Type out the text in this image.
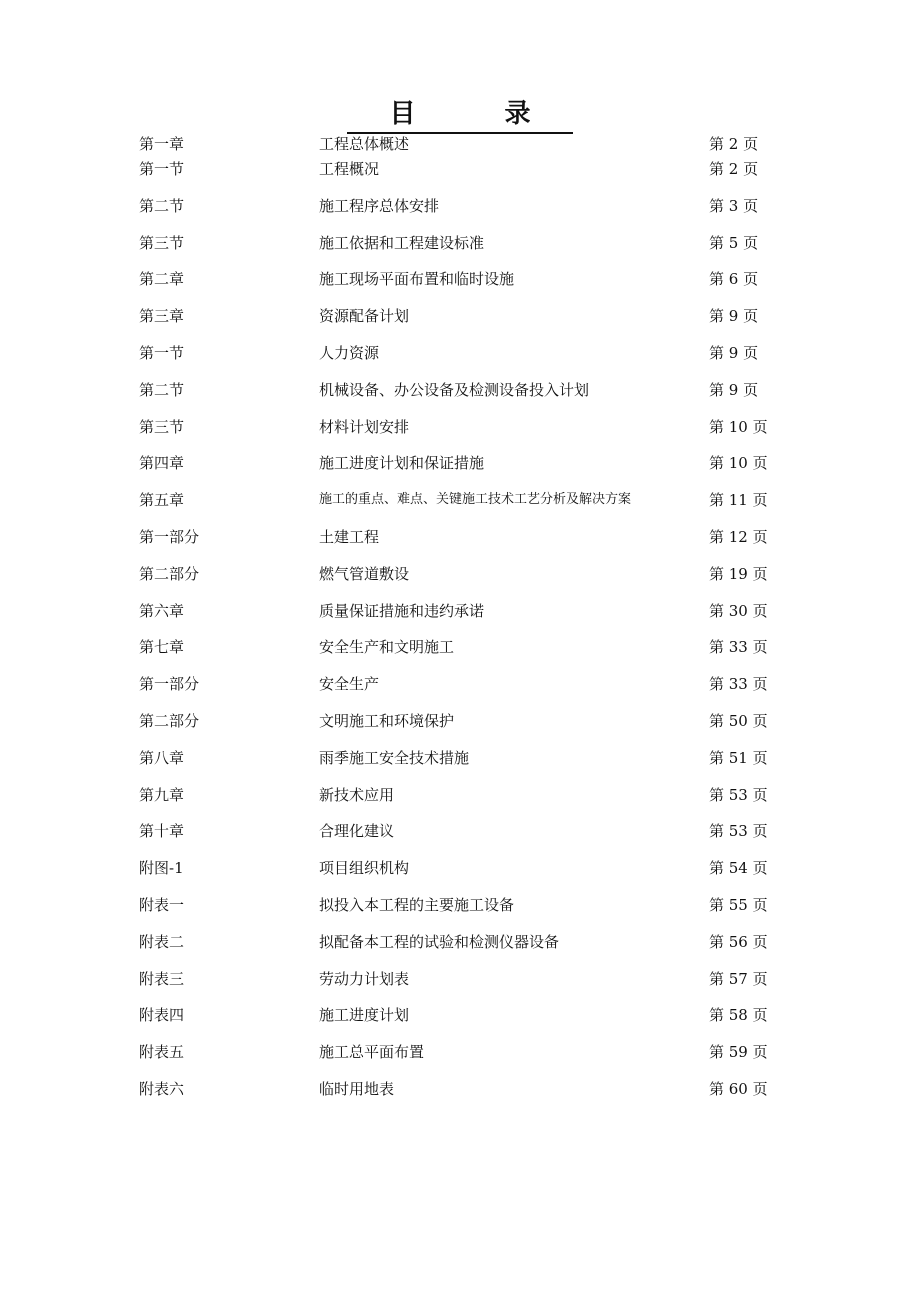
目 录
第一章	工程总体概述	第 2 页
第一节	工程概况	第 2 页
第二节	施工程序总体安排	第 3 页
第三节	施工依据和工程建设标准	第 5 页
第二章	施工现场平面布置和临时设施	第 6 页
第三章	资源配备计划	第 9 页
第一节	人力资源	第 9 页
第二节	机械设备、办公设备及检测设备投入计划	第 9 页
第三节	材料计划安排	第 10 页
第四章	施工进度计划和保证措施	第 10 页
第五章	施工的重点、难点、关键施工技术工艺分析及解决方案	第 11 页
第一部分	土建工程	第 12 页
第二部分	燃气管道敷设	第 19 页
第六章	质量保证措施和违约承诺	第 30 页
第七章	安全生产和文明施工	第 33 页
第一部分	安全生产	第 33 页
第二部分	文明施工和环境保护	第 50 页
第八章	雨季施工安全技术措施	第 51 页
第九章	新技术应用	第 53 页
第十章	合理化建议	第 53 页
附图-1	项目组织机构	第 54 页
附表一	拟投入本工程的主要施工设备	第 55 页
附表二	拟配备本工程的试验和检测仪器设备	第 56 页
附表三	劳动力计划表	第 57 页
附表四	施工进度计划	第 58 页
附表五	施工总平面布置	第 59 页
附表六	临时用地表	第 60 页
